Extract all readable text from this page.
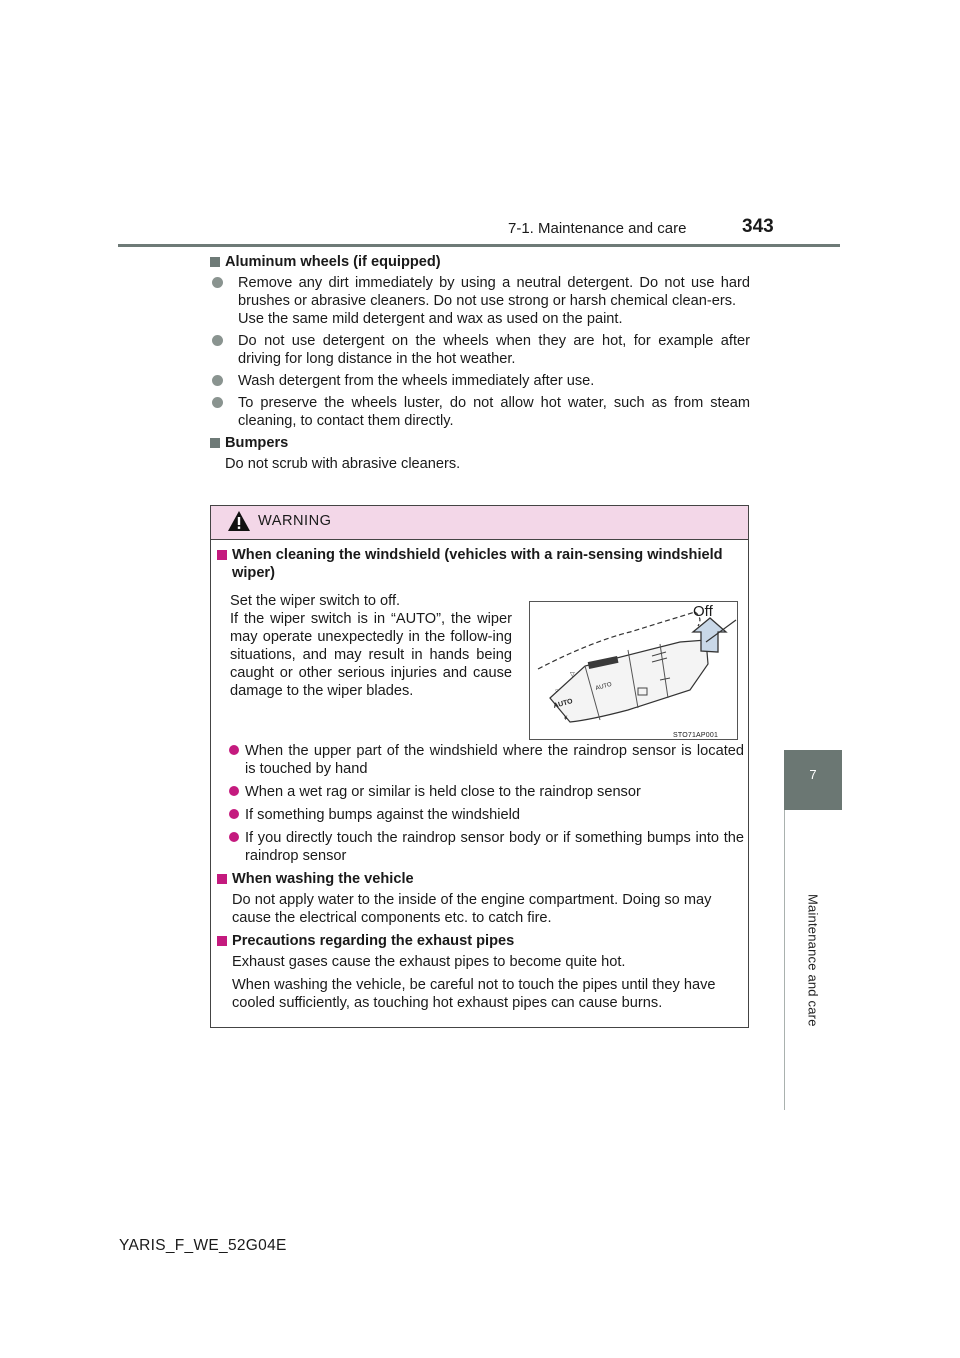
7-1. Maintenance and care	343
7
Maintenance and care
Aluminum wheels (if equipped)

Remove any dirt immediately by using a neutral detergent. Do not use hard brushes or abrasive cleaners. Do not use strong or harsh chemical clean-ers.

Use the same mild detergent and wax as used on the paint.

Do not use detergent on the wheels when they are hot, for example after driving for long distance in the hot weather.

Wash detergent from the wheels immediately after use.

To preserve the wheels luster, do not allow hot water, such as from steam cleaning, to contact them directly.

Bumpers
Do not scrub with abrasive cleaners.
WARNING
When cleaning the windshield (vehicles with a rain-sensing windshield wiper)

Set the wiper switch to off.

If the wiper switch is in “AUTO”, the wiper may operate unexpectedly in the follow-ing situations, and may result in hands being caught or other serious injuries and cause damage to the wiper blades.

▽
○
AUTO
AUTO
¥
Off
STO71AP001

When the upper part of the windshield where the raindrop sensor is located is touched by hand

When a wet rag or similar is held close to the raindrop sensor

If something bumps against the windshield

If you directly touch the raindrop sensor body or if something bumps into the raindrop sensor

When washing the vehicle
Do not apply water to the inside of the engine compartment. Doing so may cause the electrical components etc. to catch fire.
Precautions regarding the exhaust pipes
Exhaust gases cause the exhaust pipes to become quite hot.
When washing the vehicle, be careful not to touch the pipes until they have cooled sufficiently, as touching hot exhaust pipes can cause burns.
YARIS_F_WE_52G04E
